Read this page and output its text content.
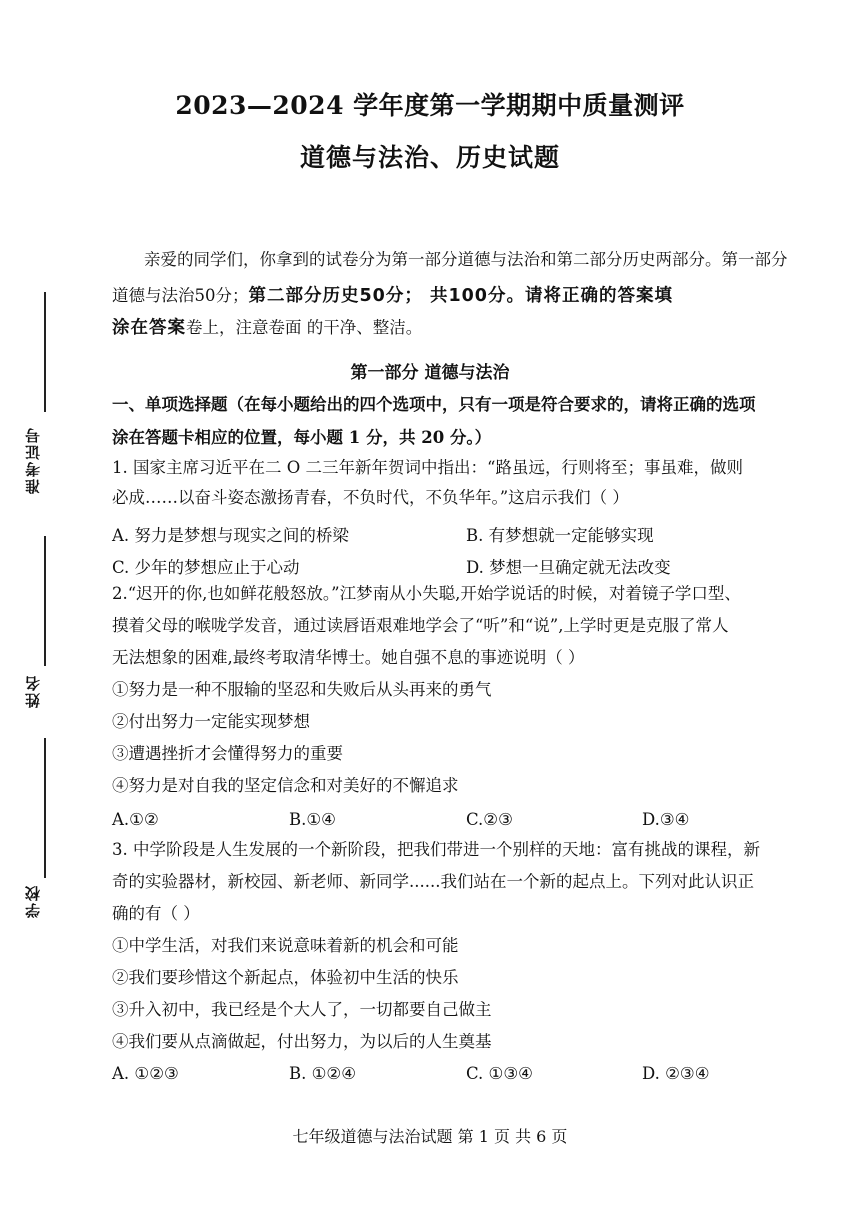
2023—2024 学年度第一学期期中质量测评
道德与法治、历史试题
准考证号
姓名
学校
亲爱的同学们，你拿到的试卷分为第一部分道德与法治和第二部分历史两部分。第一部分
道德与法治50分；第二部分历史50分； 共100分。请将正确的答案填
涂在答案卷上，注意卷面 的干净、整洁。
第一部分 道德与法治
一、单项选择题（在每小题给出的四个选项中，只有一项是符合要求的，请将正确的选项
涂在答题卡相应的位置，每小题 1 分，共 20 分。）
1. 国家主席习近平在二 O 二三年新年贺词中指出：“路虽远，行则将至；事虽难，做则
必成……以奋斗姿态激扬青春，不负时代，不负华年。”这启示我们（ ）
A. 努力是梦想与现实之间的桥梁	B. 有梦想就一定能够实现
C. 少年的梦想应止于心动	D. 梦想一旦确定就无法改变
2.“迟开的你,也如鲜花般怒放。”江梦南从小失聪,开始学说话的时候，对着镜子学口型、
摸着父母的喉咙学发音，通过读唇语艰难地学会了“听”和“说”,上学时更是克服了常人
无法想象的困难,最终考取清华博士。她自强不息的事迹说明（ ）
①努力是一种不服输的坚忍和失败后从头再来的勇气
②付出努力一定能实现梦想
③遭遇挫折才会懂得努力的重要
④努力是对自我的坚定信念和对美好的不懈追求
A.①②	B.①④	C.②③	D.③④
3. 中学阶段是人生发展的一个新阶段，把我们带进一个别样的天地：富有挑战的课程，新
奇的实验器材，新校园、新老师、新同学......我们站在一个新的起点上。下列对此认识正
确的有（ ）
①中学生活，对我们来说意味着新的机会和可能
②我们要珍惜这个新起点，体验初中生活的快乐
③升入初中，我已经是个大人了，一切都要自己做主
④我们要从点滴做起，付出努力，为以后的人生奠基
A. ①②③	B. ①②④	C. ①③④	D. ②③④
七年级道德与法治试题 第 1 页 共 6 页
